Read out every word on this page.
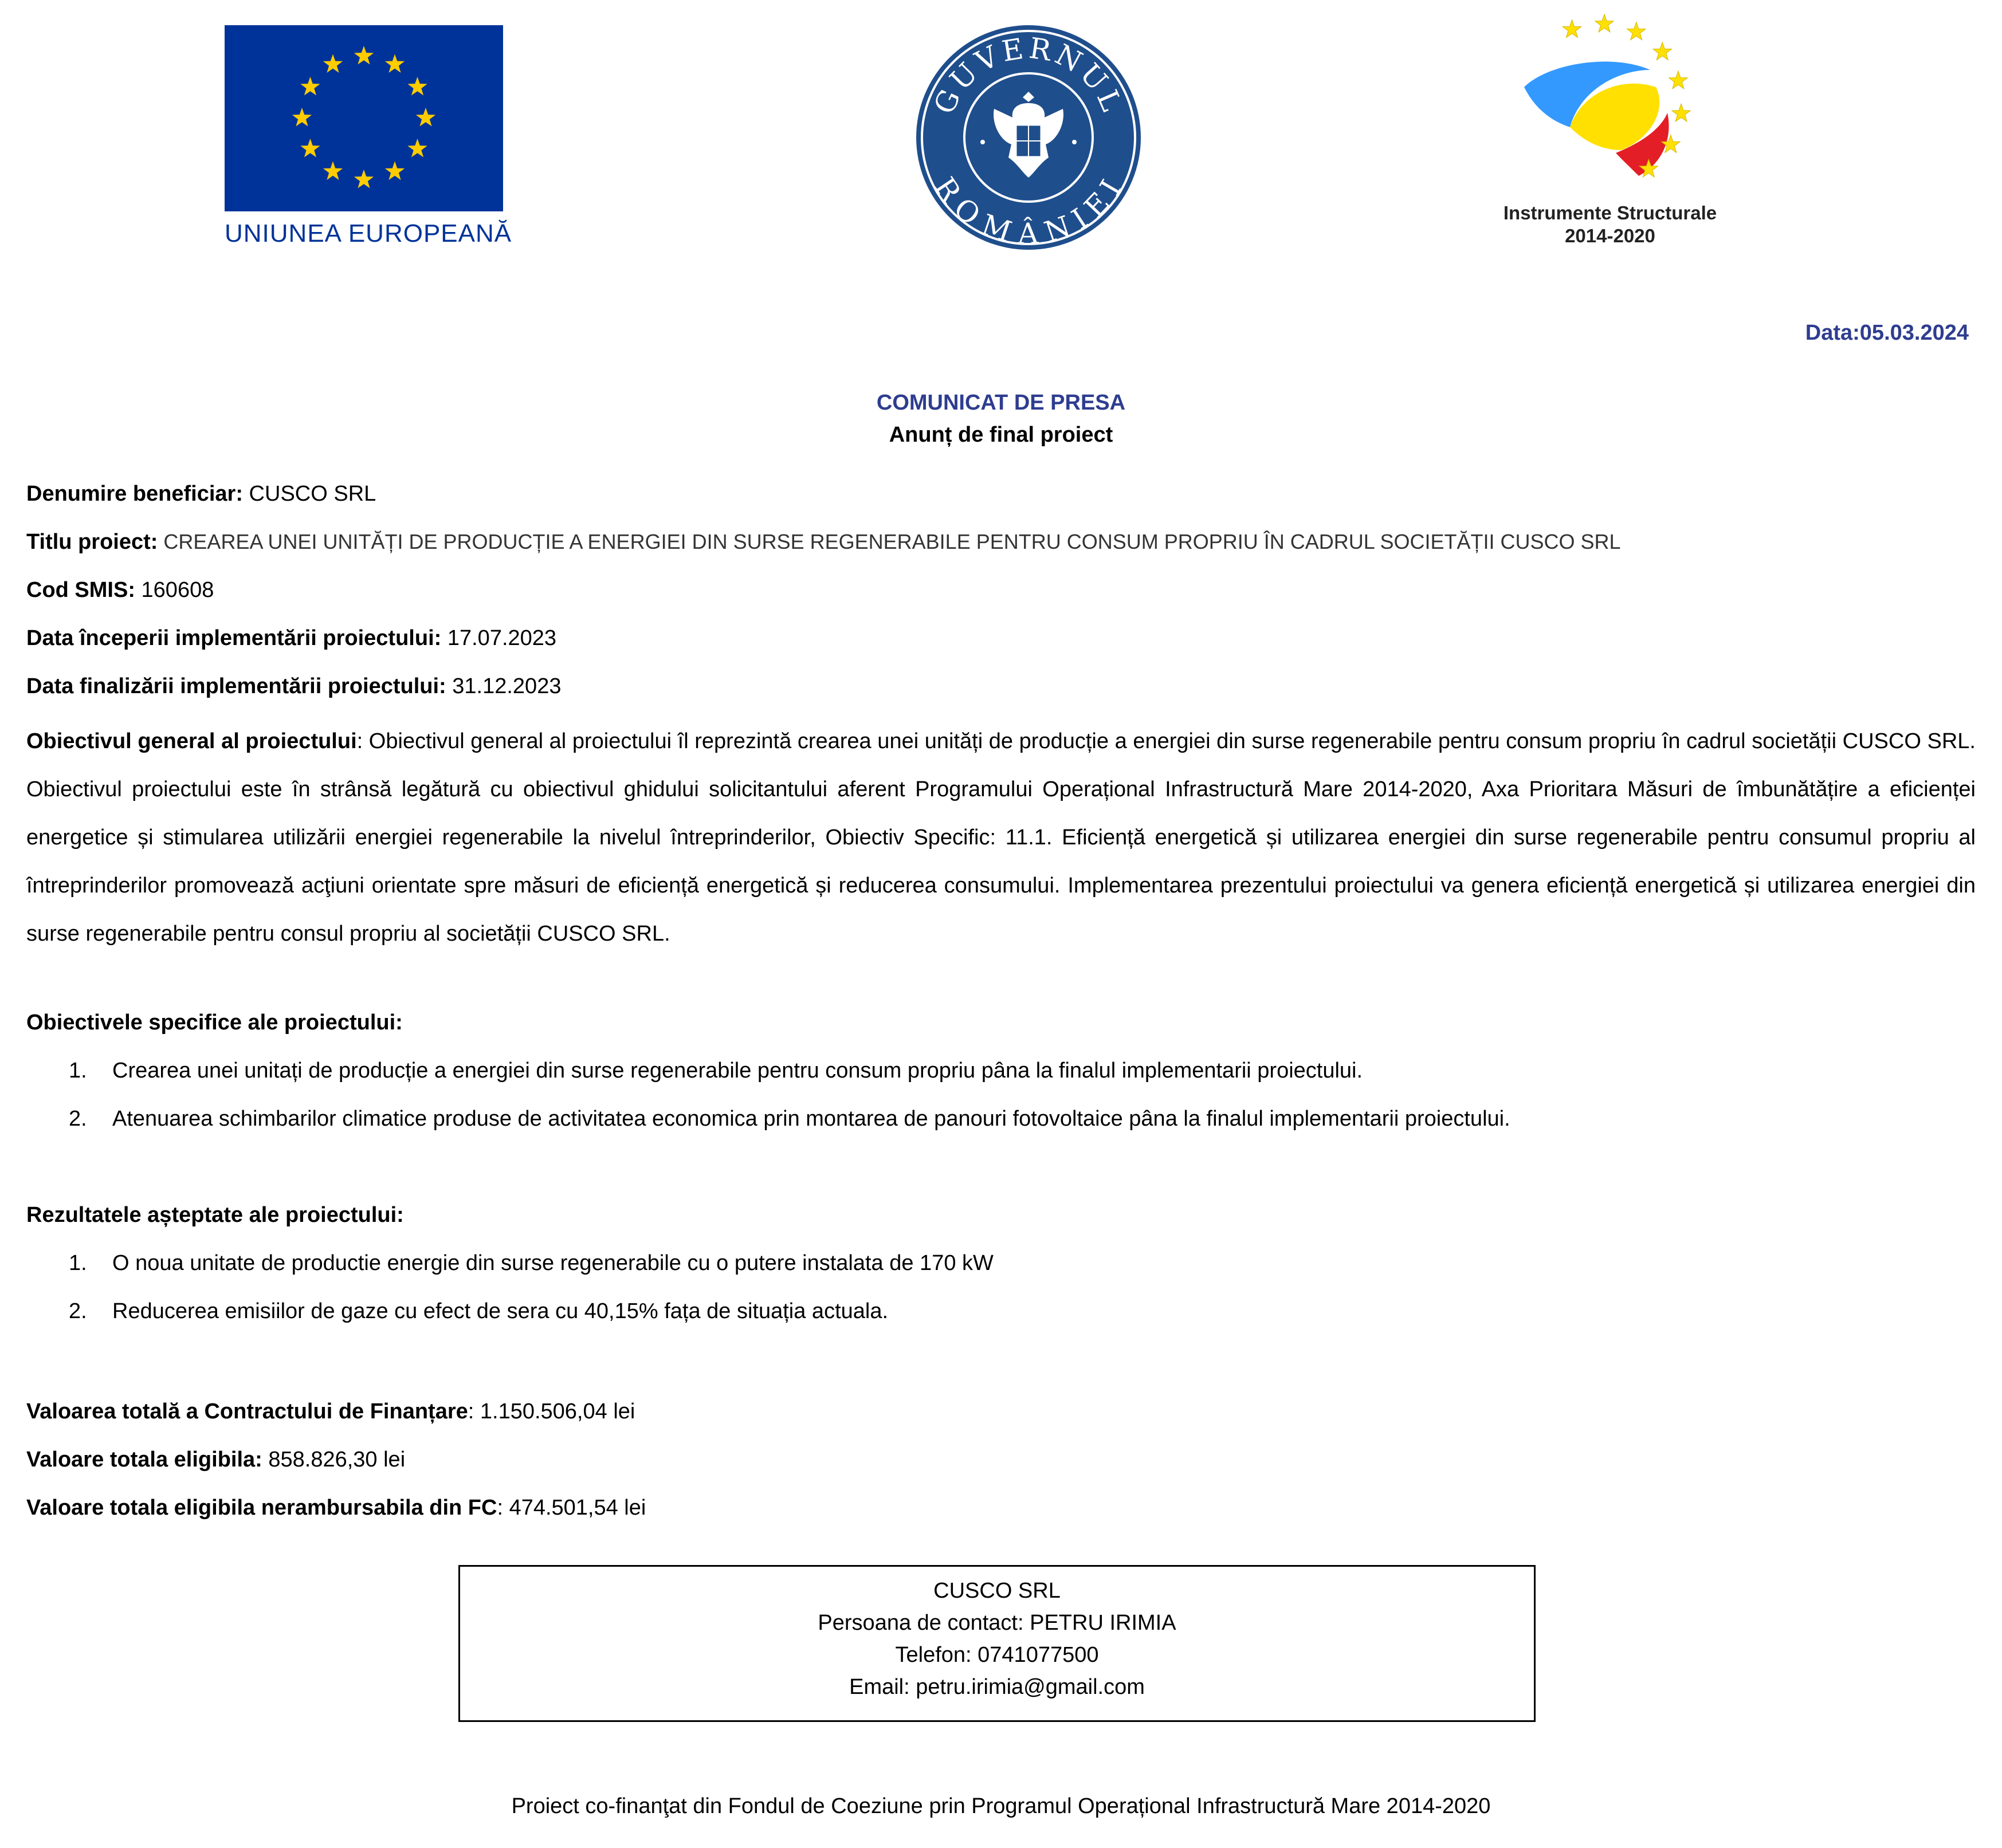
UNIUNEA EUROPEANĂ
GUVERNUL
ROMÂNIEI
Instrumente Structurale
2014-2020
Data:05.03.2024
COMUNICAT DE PRESA
Anunț de final proiect
Denumire beneficiar: CUSCO SRL
Titlu proiect: CREAREA UNEI UNITĂȚI DE PRODUCȚIE A ENERGIEI DIN SURSE REGENERABILE PENTRU CONSUM PROPRIU ÎN CADRUL SOCIETĂȚII CUSCO SRL
Cod SMIS: 160608
Data începerii implementării proiectului: 17.07.2023
Data finalizării implementării proiectului: 31.12.2023
Obiectivul general al proiectului: Obiectivul general al proiectului îl reprezintă crearea unei unități de producție a energiei din surse regenerabile pentru consum propriu în cadrul societății CUSCO SRL. Obiectivul proiectului este în strânsă legătură cu obiectivul ghidului solicitantului aferent Programului Operațional Infrastructură Mare 2014-2020, Axa Prioritara Măsuri de îmbunătățire a eficienței energetice și stimularea utilizării energiei regenerabile la nivelul întreprinderilor, Obiectiv Specific: 11.1. Eficiență energetică și utilizarea energiei din surse regenerabile pentru consumul propriu al întreprinderilor promovează acţiuni orientate spre măsuri de eficiență energetică și reducerea consumului. Implementarea prezentului proiectului va genera eficiență energetică și utilizarea energiei din surse regenerabile pentru consul propriu al societății CUSCO SRL.
Obiectivele specifice ale proiectului:
1. Crearea unei unitați de producție a energiei din surse regenerabile pentru consum propriu pâna la finalul implementarii proiectului.
2. Atenuarea schimbarilor climatice produse de activitatea economica prin montarea de panouri fotovoltaice pâna la finalul implementarii proiectului.
Rezultatele așteptate ale proiectului:
1. O noua unitate de productie energie din surse regenerabile cu o putere instalata de 170 kW
2. Reducerea emisiilor de gaze cu efect de sera cu 40,15% fața de situația actuala.
Valoarea totală a Contractului de Finanțare: 1.150.506,04 lei
Valoare totala eligibila: 858.826,30 lei
Valoare totala eligibila nerambursabila din FC: 474.501,54 lei
CUSCO SRL
Persoana de contact: PETRU IRIMIA
Telefon: 0741077500
Email: petru.irimia@gmail.com
Proiect co-finanţat din Fondul de Coeziune prin Programul Operațional Infrastructură Mare 2014-2020
